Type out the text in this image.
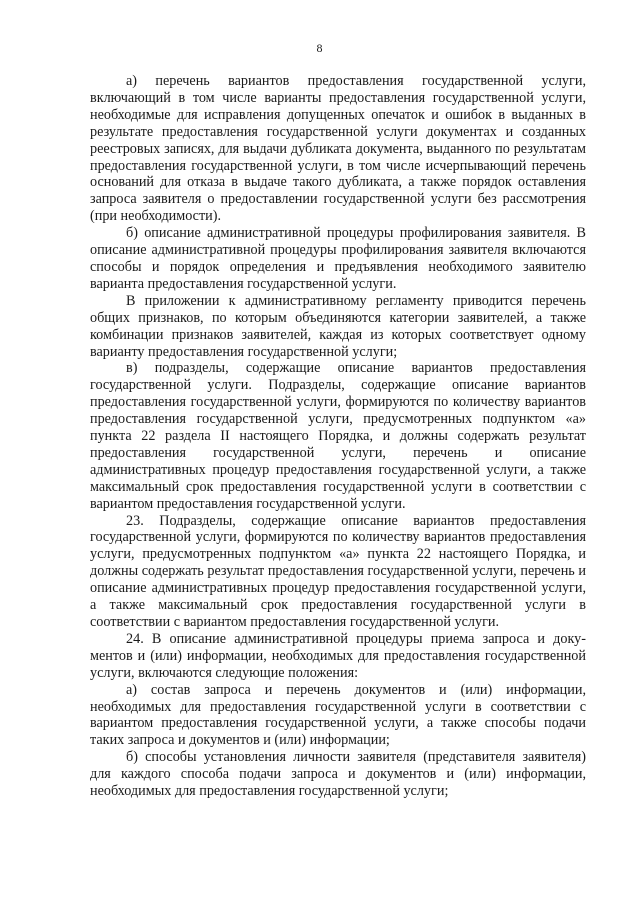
8

а) перечень вариантов предоставления государственной услуги, включающий в том числе варианты предоставления государственной услуги, необходимые для исправления допущенных опечаток и ошибок в выданных в результате предоставления государственной услуги документах и созданных реестровых записях, для выдачи дубликата документа, выданного по результатам предоставления государственной услуги, в том числе исчерпывающий перечень оснований для отказа в выдаче такого дубликата, а также порядок оставления запроса заявителя о предоставлении государственной услуги без рассмотрения (при необходимости).

б) описание административной процедуры профилирования заявителя. В описание административной процедуры профилирования заявителя включаются способы и порядок определения и предъявления необходимого заявителю варианта предоставления государственной услуги.

В приложении к административному регламенту приводится перечень общих признаков, по которым объединяются категории заявителей, а также комбинации признаков заявителей, каждая из которых соответствует одному варианту предоставления государственной услуги;

в) подразделы, содержащие описание вариантов предоставления государственной услуги. Подразделы, содержащие описание вариантов предоставления государственной услуги, формируются по количеству вариантов предоставления государственной услуги, предусмотренных подпунктом «а» пункта 22 раздела II настоящего Порядка, и должны содержать результат предоставления государственной услуги, перечень и описание административных процедур предоставления государственной услуги, а также максимальный срок предоставления государственной услуги в соответствии с вариантом предоставления государственной услуги.

23. Подразделы, содержащие описание вариантов предоставления государственной услуги, формируются по количеству вариантов предоставления услуги, предусмотренных подпунктом «а» пункта 22 настоящего Порядка, и должны содержать результат предоставления государственной услуги, перечень и описание административных процедур предоставления государственной услуги, а также максимальный срок предоставления государственной услуги в соответствии с вариантом предоставления государственной услуги.

24. В описание административной процедуры приема запроса и документов и (или) информации, необходимых для предоставления государственной услуги, включаются следующие положения:

а) состав запроса и перечень документов и (или) информации, необходимых для предоставления государственной услуги в соответствии с вариантом предоставления государственной услуги, а также способы подачи таких запроса и документов и (или) информации;

б) способы установления личности заявителя (представителя заявителя) для каждого способа подачи запроса и документов и (или) информации, необходимых для предоставления государственной услуги;
